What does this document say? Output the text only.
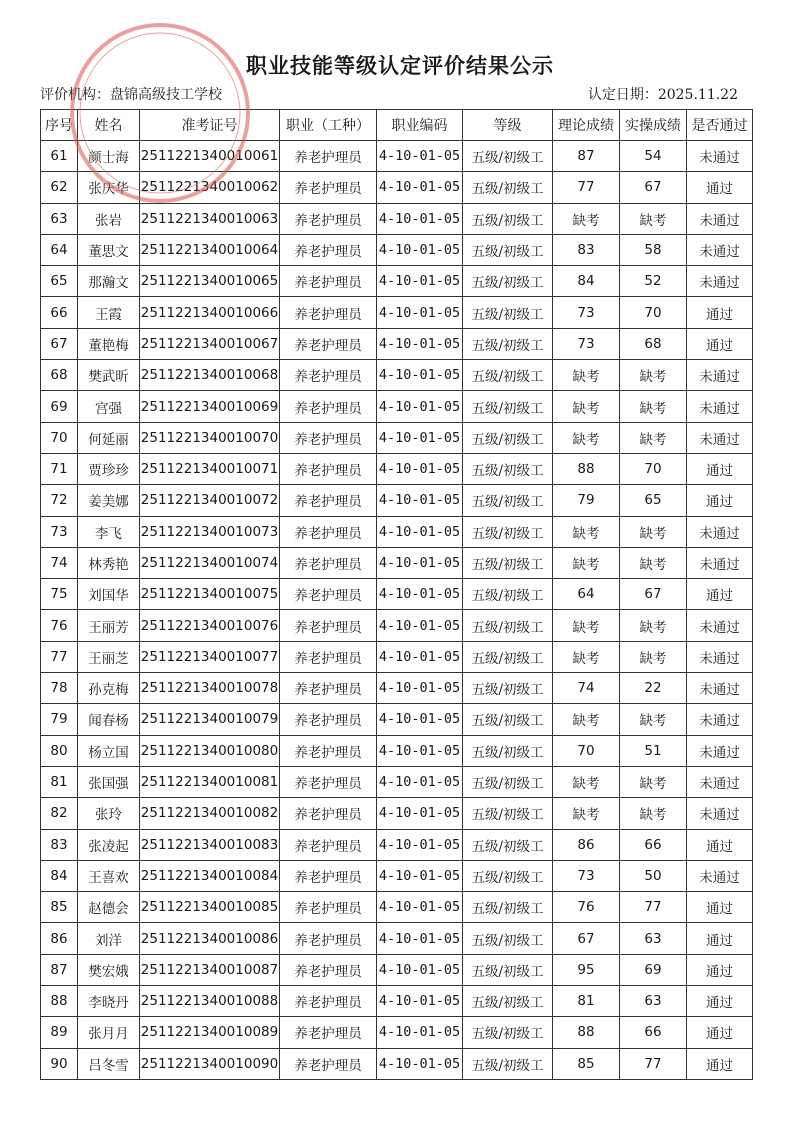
职业技能等级认定评价结果公示
评价机构：盘锦高级技工学校	认定日期：2025.11.22
序号	姓名	准考证号	职业（工种）	职业编码	等级	理论成绩	实操成绩	是否通过
61	颜士海	2511221340010061	养老护理员	4-10-01-05	五级/初级工	87	54	未通过
62	张庆华	2511221340010062	养老护理员	4-10-01-05	五级/初级工	77	67	通过
63	张岩	2511221340010063	养老护理员	4-10-01-05	五级/初级工	缺考	缺考	未通过
64	董思文	2511221340010064	养老护理员	4-10-01-05	五级/初级工	83	58	未通过
65	那瀚文	2511221340010065	养老护理员	4-10-01-05	五级/初级工	84	52	未通过
66	王霞	2511221340010066	养老护理员	4-10-01-05	五级/初级工	73	70	通过
67	董艳梅	2511221340010067	养老护理员	4-10-01-05	五级/初级工	73	68	通过
68	樊武昕	2511221340010068	养老护理员	4-10-01-05	五级/初级工	缺考	缺考	未通过
69	宫强	2511221340010069	养老护理员	4-10-01-05	五级/初级工	缺考	缺考	未通过
70	何延丽	2511221340010070	养老护理员	4-10-01-05	五级/初级工	缺考	缺考	未通过
71	贾珍珍	2511221340010071	养老护理员	4-10-01-05	五级/初级工	88	70	通过
72	姜美娜	2511221340010072	养老护理员	4-10-01-05	五级/初级工	79	65	通过
73	李飞	2511221340010073	养老护理员	4-10-01-05	五级/初级工	缺考	缺考	未通过
74	林秀艳	2511221340010074	养老护理员	4-10-01-05	五级/初级工	缺考	缺考	未通过
75	刘国华	2511221340010075	养老护理员	4-10-01-05	五级/初级工	64	67	通过
76	王丽芳	2511221340010076	养老护理员	4-10-01-05	五级/初级工	缺考	缺考	未通过
77	王丽芝	2511221340010077	养老护理员	4-10-01-05	五级/初级工	缺考	缺考	未通过
78	孙克梅	2511221340010078	养老护理员	4-10-01-05	五级/初级工	74	22	未通过
79	闻春杨	2511221340010079	养老护理员	4-10-01-05	五级/初级工	缺考	缺考	未通过
80	杨立国	2511221340010080	养老护理员	4-10-01-05	五级/初级工	70	51	未通过
81	张国强	2511221340010081	养老护理员	4-10-01-05	五级/初级工	缺考	缺考	未通过
82	张玲	2511221340010082	养老护理员	4-10-01-05	五级/初级工	缺考	缺考	未通过
83	张凌起	2511221340010083	养老护理员	4-10-01-05	五级/初级工	86	66	通过
84	王喜欢	2511221340010084	养老护理员	4-10-01-05	五级/初级工	73	50	未通过
85	赵德会	2511221340010085	养老护理员	4-10-01-05	五级/初级工	76	77	通过
86	刘洋	2511221340010086	养老护理员	4-10-01-05	五级/初级工	67	63	通过
87	樊宏娥	2511221340010087	养老护理员	4-10-01-05	五级/初级工	95	69	通过
88	李晓丹	2511221340010088	养老护理员	4-10-01-05	五级/初级工	81	63	通过
89	张月月	2511221340010089	养老护理员	4-10-01-05	五级/初级工	88	66	通过
90	吕冬雪	2511221340010090	养老护理员	4-10-01-05	五级/初级工	85	77	通过
